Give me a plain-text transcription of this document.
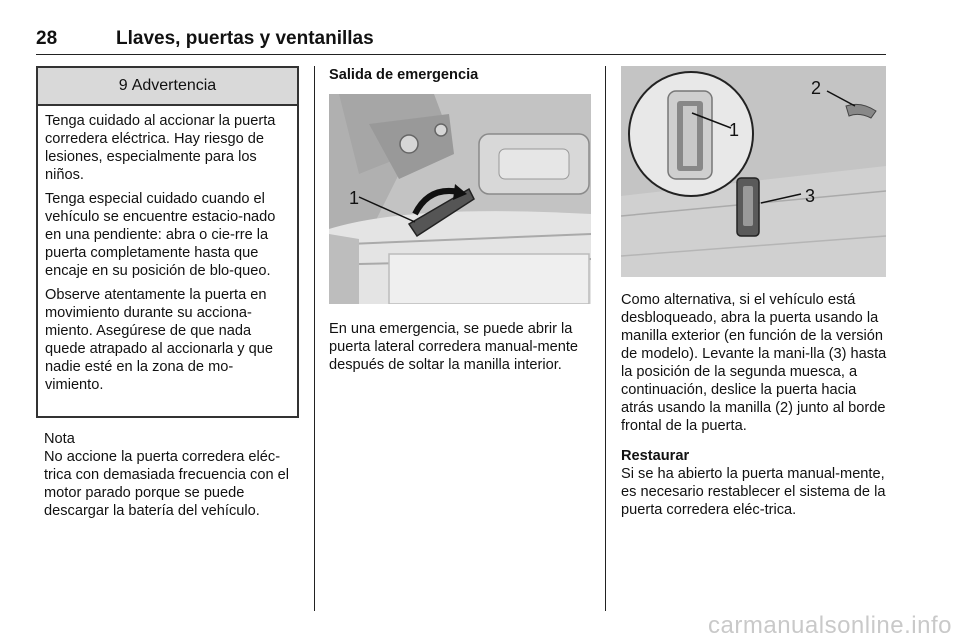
28	Llaves, puertas y ventanillas
9 Advertencia

Tenga cuidado al accionar la puerta corredera eléctrica. Hay riesgo de lesiones, especialmente para los niños.

Tenga especial cuidado cuando el vehículo se encuentre estacio-nado en una pendiente: abra o cie-rre la puerta completamente hasta que encaje en su posición de blo-queo.

Observe atentamente la puerta en movimiento durante su acciona-miento. Asegúrese de que nada quede atrapado al accionarla y que nadie esté en la zona de mo-vimiento.

Nota
No accione la puerta corredera eléc-trica con demasiada frecuencia con el motor parado porque se puede descargar la batería del vehículo.
Salida de emergencia
1
En una emergencia, se puede abrir la puerta lateral corredera manual-mente después de soltar la manilla interior.
1
2
3
Como alternativa, si el vehículo está desbloqueado, abra la puerta usando la manilla exterior (en función de la versión de modelo). Levante la mani-lla (3) hasta la posición de la segunda muesca, a continuación, deslice la puerta hacia atrás usando la manilla (2) junto al borde frontal de la puerta.
Restaurar
Si se ha abierto la puerta manual-mente, es necesario restablecer el sistema de la puerta corredera eléc-trica.
carmanualsonline.info
